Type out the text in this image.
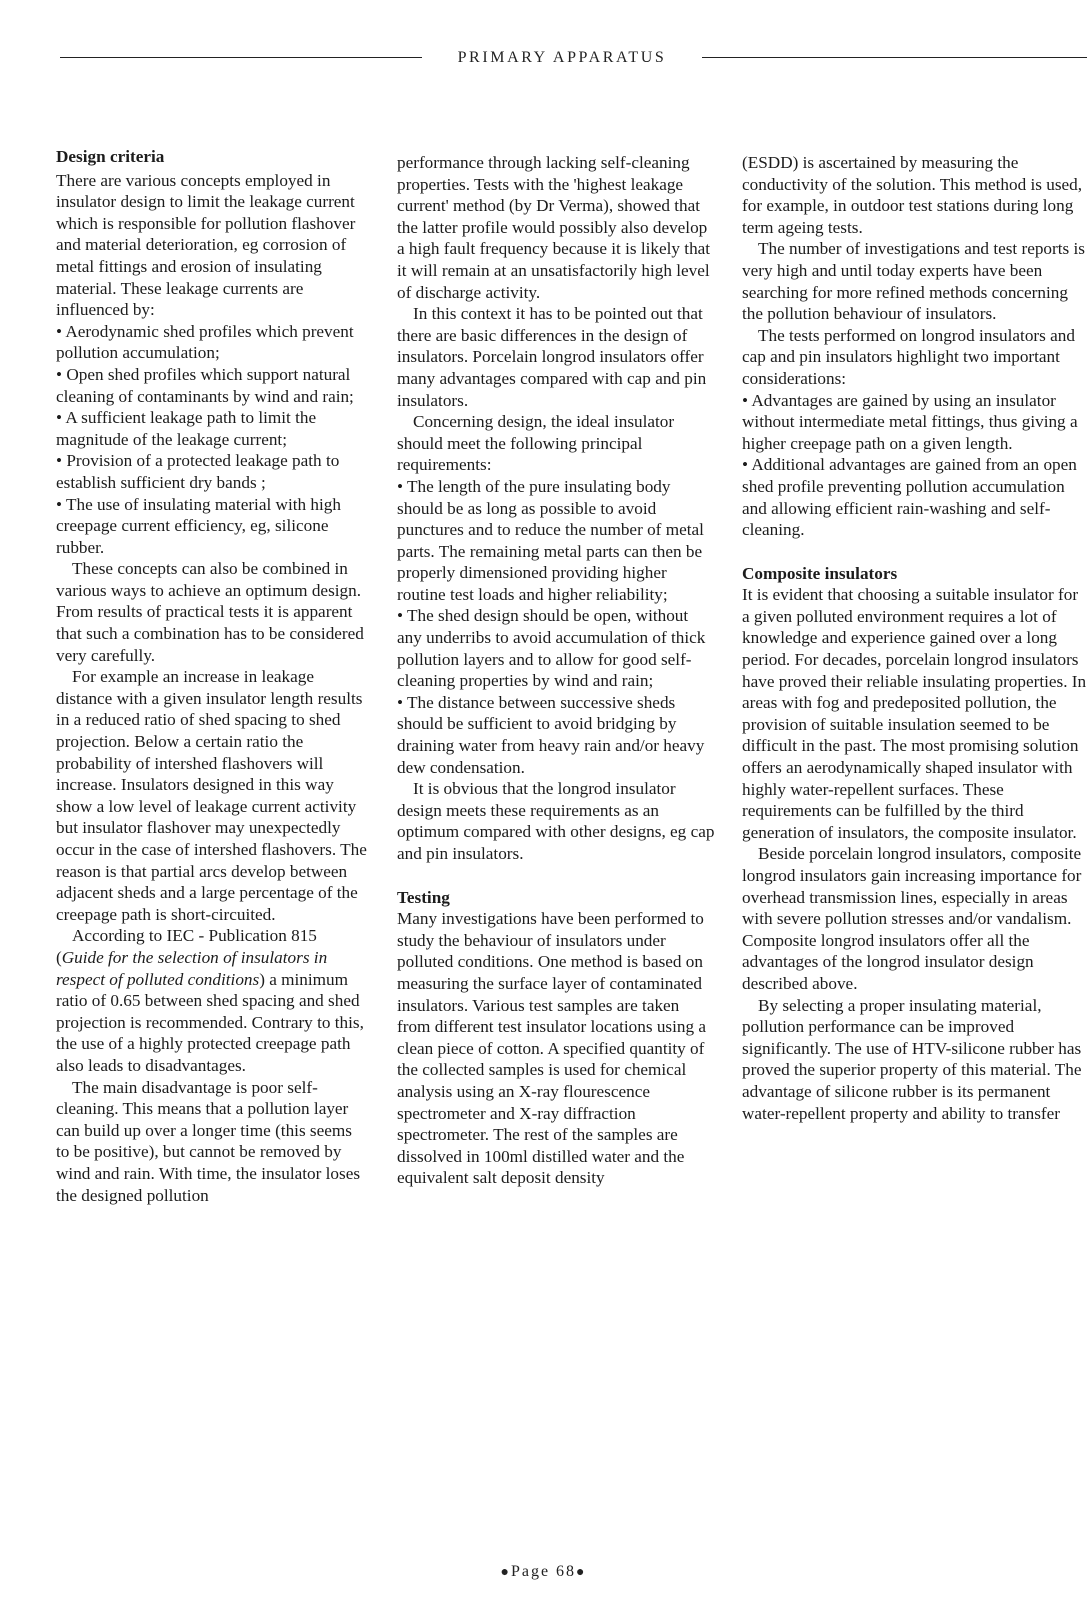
PRIMARY APPARATUS
Design criteria

There are various concepts employed in insulator design to limit the leakage current which is responsible for pollution flashover and material deterioration, eg corrosion of metal fittings and erosion of insulating material. These leakage currents are influenced by:

• Aerodynamic shed profiles which prevent pollution accumulation;

• Open shed profiles which support natural cleaning of contaminants by wind and rain;

• A sufficient leakage path to limit the magnitude of the leakage current;

• Provision of a protected leakage path to establish sufficient dry bands ;

• The use of insulating material with high creepage current efficiency, eg, silicone rubber.

These concepts can also be combined in various ways to achieve an optimum design. From results of practical tests it is apparent that such a combination has to be considered very carefully.

For example an increase in leakage distance with a given insulator length results in a reduced ratio of shed spacing to shed projection. Below a certain ratio the probability of intershed flashovers will increase. Insulators designed in this way show a low level of leakage current activity but insulator flashover may unexpectedly occur in the case of intershed flashovers. The reason is that partial arcs develop between adjacent sheds and a large percentage of the creepage path is short-circuited.

According to IEC - Publication 815 (Guide for the selection of insulators in respect of polluted conditions) a minimum ratio of 0.65 between shed spacing and shed projection is recommended. Contrary to this, the use of a highly protected creepage path also leads to disadvantages.

The main disadvantage is poor self-cleaning. This means that a pollution layer can build up over a longer time (this seems to be positive), but cannot be removed by wind and rain. With time, the insulator loses the designed pollution

performance through lacking self-cleaning properties. Tests with the 'highest leakage current' method (by Dr Verma), showed that the latter profile would possibly also develop a high fault frequency because it is likely that it will remain at an unsatisfactorily high level of discharge activity.

In this context it has to be pointed out that there are basic differences in the design of insulators. Porcelain longrod insulators offer many advantages compared with cap and pin insulators.

Concerning design, the ideal insulator should meet the following principal requirements:

• The length of the pure insulating body should be as long as possible to avoid punctures and to reduce the number of metal parts. The remaining metal parts can then be properly dimensioned providing higher routine test loads and higher reliability;

• The shed design should be open, without any underribs to avoid accumulation of thick pollution layers and to allow for good self-cleaning properties by wind and rain;

• The distance between successive sheds should be sufficient to avoid bridging by draining water from heavy rain and/or heavy dew condensation.

It is obvious that the longrod insulator design meets these requirements as an optimum compared with other designs, eg cap and pin insulators.

Testing

Many investigations have been performed to study the behaviour of insulators under polluted conditions. One method is based on measuring the surface layer of contaminated insulators. Various test samples are taken from different test insulator locations using a clean piece of cotton. A specified quantity of the collected samples is used for chemical analysis using an X-ray flourescence spectrometer and X-ray diffraction spectrometer. The rest of the samples are dissolved in 100ml distilled water and the equivalent salt deposit density

(ESDD) is ascertained by measuring the conductivity of the solution. This method is used, for example, in outdoor test stations during long term ageing tests.

The number of investigations and test reports is very high and until today experts have been searching for more refined methods concerning the pollution behaviour of insulators.

The tests performed on longrod insulators and cap and pin insulators highlight two important considerations:

• Advantages are gained by using an insulator without intermediate metal fittings, thus giving a higher creepage path on a given length.

• Additional advantages are gained from an open shed profile preventing pollution accumulation and allowing efficient rain-washing and self-cleaning.

Composite insulators

It is evident that choosing a suitable insulator for a given polluted environment requires a lot of knowledge and experience gained over a long period. For decades, porcelain longrod insulators have proved their reliable insulating properties. In areas with fog and predeposited pollution, the provision of suitable insulation seemed to be difficult in the past. The most promising solution offers an aerodynamically shaped insulator with highly water-repellent surfaces. These requirements can be fulfilled by the third generation of insulators, the composite insulator.

Beside porcelain longrod insulators, composite longrod insulators gain increasing importance for overhead transmission lines, especially in areas with severe pollution stresses and/or vandalism.

Composite longrod insulators offer all the advantages of the longrod insulator design described above.

By selecting a proper insulating material, pollution performance can be improved significantly. The use of HTV-silicone rubber has proved the superior property of this material. The advantage of silicone rubber is its permanent water-repellent property and ability to transfer

●Page 68●
